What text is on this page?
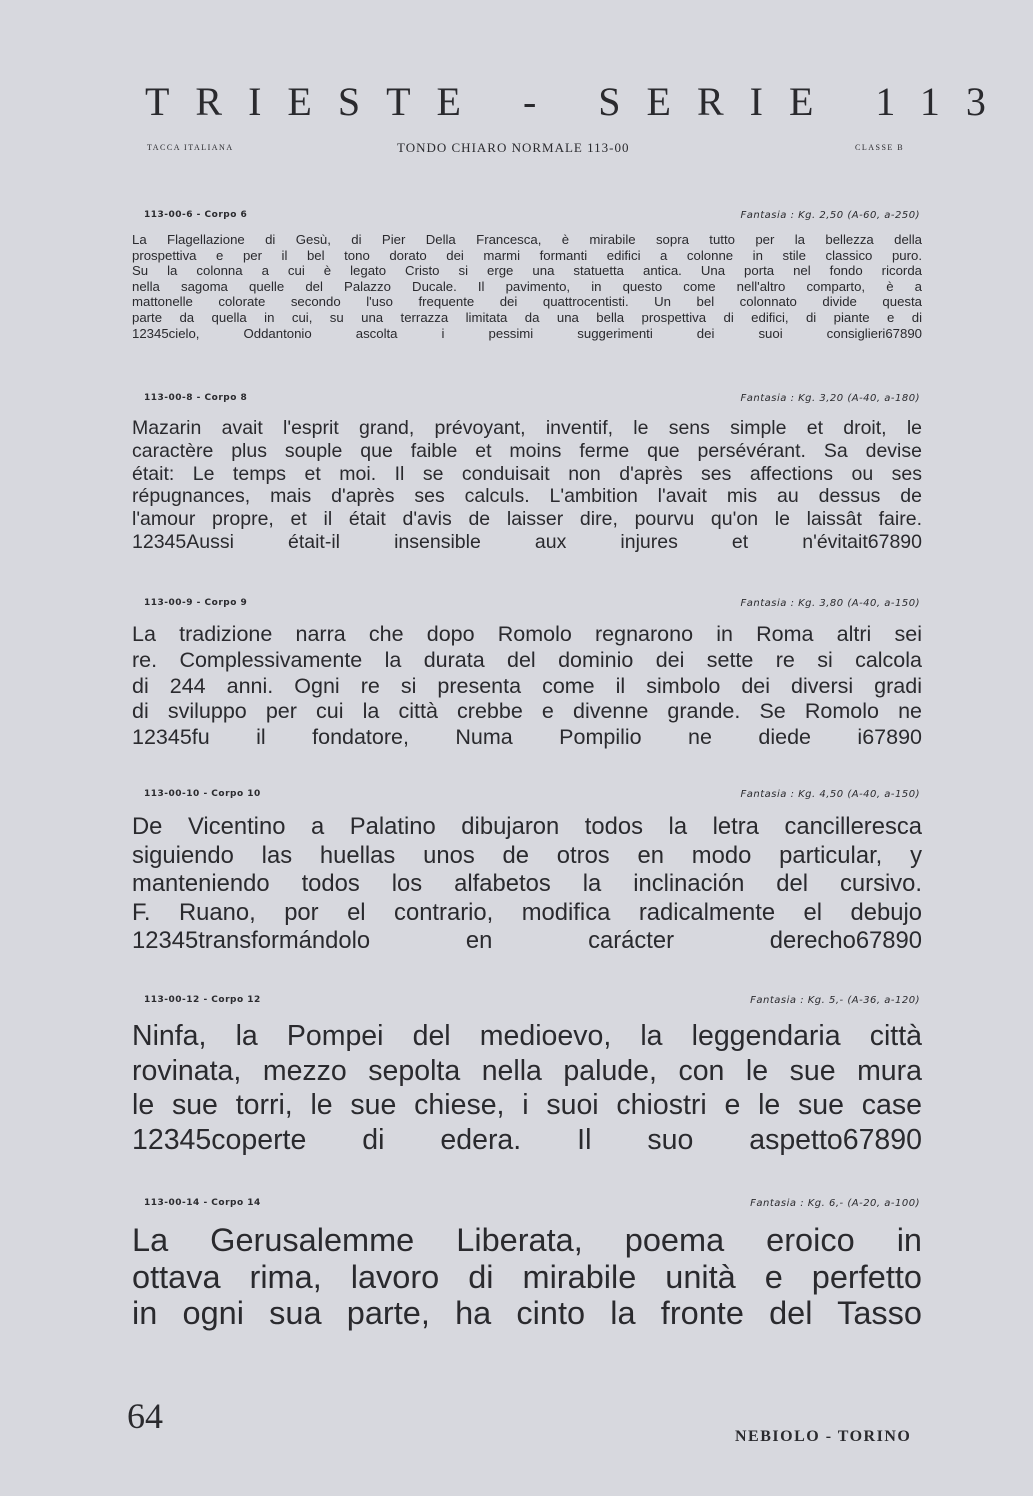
TRIESTE - SERIE 113
TACCA ITALIANA	TONDO CHIARO NORMALE 113-00	CLASSE B
113-00-6 - Corpo 6	Fantasia : Kg. 2,50 (A-60, a-250)
La Flagellazione di Gesù, di Pier Della Francesca, è mirabile sopra tutto per la bellezza della
prospettiva e per il bel tono dorato dei marmi formanti edifici a colonne in stile classico puro.
Su la colonna a cui è legato Cristo si erge una statuetta antica. Una porta nel fondo ricorda
nella sagoma quelle del Palazzo Ducale. Il pavimento, in questo come nell'altro comparto, è a
mattonelle colorate secondo l'uso frequente dei quattrocentisti. Un bel colonnato divide questa
parte da quella in cui, su una terrazza limitata da una bella prospettiva di edifici, di piante e di
12345 cielo, Oddantonio ascolta i pessimi suggerimenti dei suoi consiglieri 67890
113-00-8 - Corpo 8	Fantasia : Kg. 3,20 (A-40, a-180)
Mazarin avait l'esprit grand, prévoyant, inventif, le sens simple et droit, le
caractère plus souple que faible et moins ferme que persévérant. Sa devise
était: Le temps et moi. Il se conduisait non d'après ses affections ou ses
répugnances, mais d'après ses calculs. L'ambition l'avait mis au dessus de
l'amour propre, et il était d'avis de laisser dire, pourvu qu'on le laissât faire.
12345 Aussi était-il insensible aux injures et n'évitait 67890
113-00-9 - Corpo 9	Fantasia : Kg. 3,80 (A-40, a-150)
La tradizione narra che dopo Romolo regnarono in Roma altri sei
re. Complessivamente la durata del dominio dei sette re si calcola
di 244 anni. Ogni re si presenta come il simbolo dei diversi gradi
di sviluppo per cui la città crebbe e divenne grande. Se Romolo ne
12345 fu il fondatore, Numa Pompilio ne diede i 67890
113-00-10 - Corpo 10	Fantasia : Kg. 4,50 (A-40, a-150)
De Vicentino a Palatino dibujaron todos la letra cancilleresca
siguiendo las huellas unos de otros en modo particular, y
manteniendo todos los alfabetos la inclinación del cursivo.
F. Ruano, por el contrario, modifica radicalmente el debujo
12345 transformándolo en carácter derecho 67890
113-00-12 - Corpo 12	Fantasia : Kg. 5,- (A-36, a-120)
Ninfa, la Pompei del medioevo, la leggendaria città
rovinata, mezzo sepolta nella palude, con le sue mura
le sue torri, le sue chiese, i suoi chiostri e le sue case
12345 coperte di edera. Il suo aspetto 67890
113-00-14 - Corpo 14	Fantasia : Kg. 6,- (A-20, a-100)
La Gerusalemme Liberata, poema eroico in
ottava rima, lavoro di mirabile unità e perfetto
in ogni sua parte, ha cinto la fronte del Tasso
64
NEBIOLO - TORINO
